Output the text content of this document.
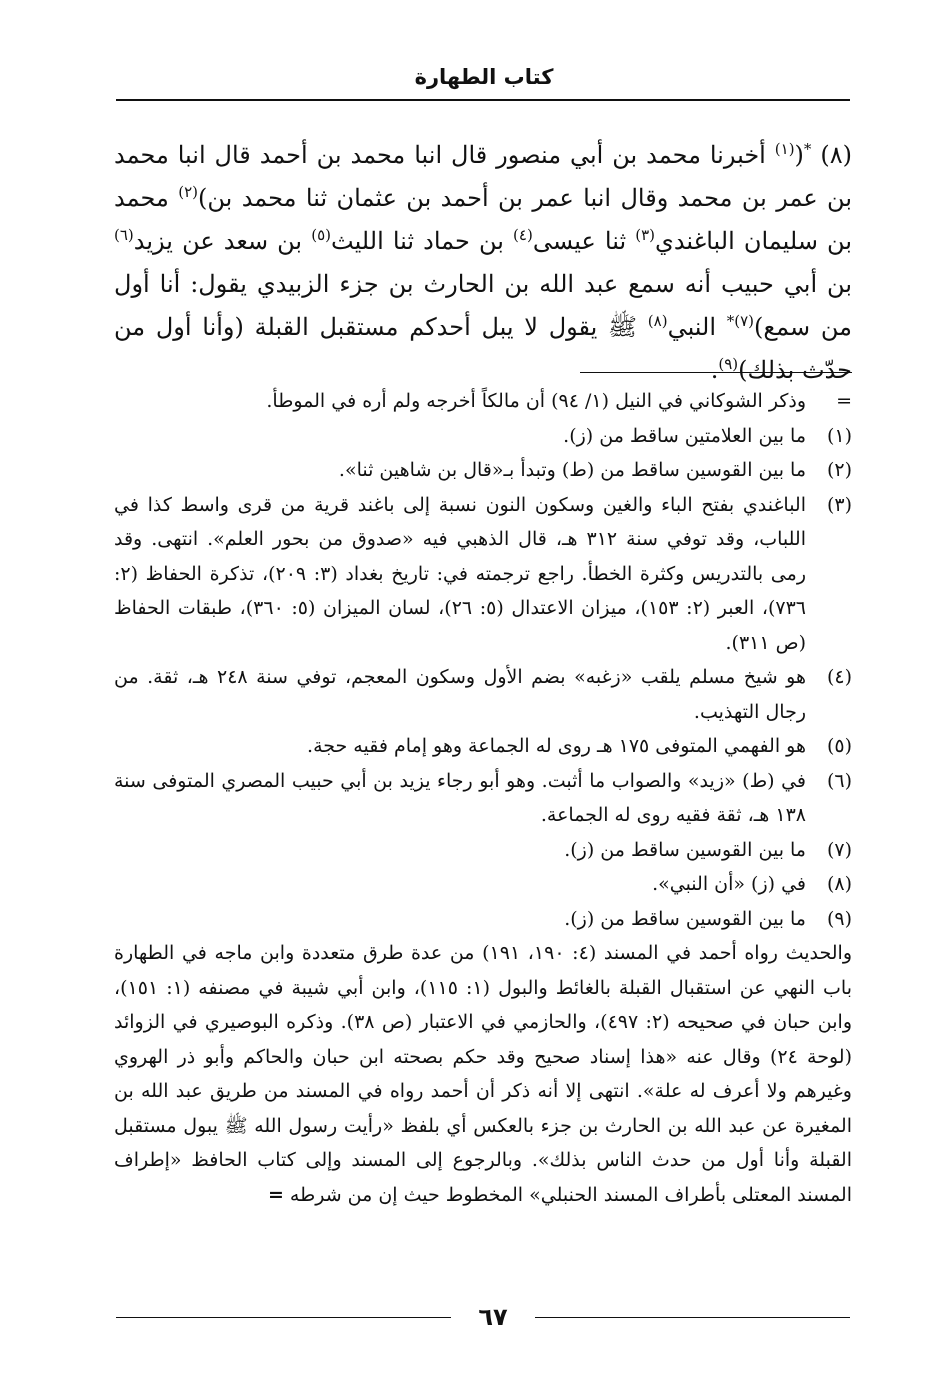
كتاب الطهارة
(٨) *($^{(١)}$ أخبرنا محمد بن أبي منصور قال انبا محمد بن أحمد قال انبا محمد بن عمر بن محمد وقال انبا عمر بن أحمد بن عثمان ثنا محمد بن)$^{(٢)}$ محمد بن سليمان الباغندي$^{(٣)}$ ثنا عيسى$^{(٤)}$ بن حماد ثنا الليث$^{(٥)}$ بن سعد عن يزيد$^{(٦)}$ بن أبي حبيب أنه سمع عبد الله بن الحارث بن جزء الزبيدي يقول: أنا أول من سمع)$^{(٧)*}$ النبي$^{(٨)}$ ﷺ يقول لا يبل أحدكم مستقبل القبلة (وأنا أول من حدّث بذلك)$^{(٩)}$.
=
وذكر الشوكاني في النيل (١/ ٩٤) أن مالكاً أخرجه ولم أره في الموطأ.
(١)
ما بين العلامتين ساقط من (ز).
(٢)
ما بين القوسين ساقط من (ط) وتبدأ بـ«قال بن شاهين ثنا».
(٣)
الباغندي بفتح الباء والغين وسكون النون نسبة إلى باغند قرية من قرى واسط كذا في اللباب، وقد توفي سنة ٣١٢ هـ، قال الذهبي فيه «صدوق من بحور العلم». انتهى. وقد رمى بالتدريس وكثرة الخطأ. راجع ترجمته في: تاريخ بغداد (٣: ٢٠٩)، تذكرة الحفاظ (٢: ٧٣٦)، العبر (٢: ١٥٣)، ميزان الاعتدال (٥: ٢٦)، لسان الميزان (٥: ٣٦٠)، طبقات الحفاظ (ص ٣١١).
(٤)
هو شيخ مسلم يلقب «زغبه» بضم الأول وسكون المعجم، توفي سنة ٢٤٨ هـ، ثقة. من رجال التهذيب.
(٥)
هو الفهمي المتوفى ١٧٥ هـ روى له الجماعة وهو إمام فقيه حجة.
(٦)
في (ط) «زيد» والصواب ما أثبت. وهو أبو رجاء يزيد بن أبي حبيب المصري المتوفى سنة ١٣٨ هـ، ثقة فقيه روى له الجماعة.
(٧)
ما بين القوسين ساقط من (ز).
(٨)
في (ز) «أن النبي».
(٩)
ما بين القوسين ساقط من (ز).
والحديث رواه أحمد في المسند (٤: ١٩٠، ١٩١) من عدة طرق متعددة وابن ماجه في الطهارة باب النهي عن استقبال القبلة بالغائط والبول (١: ١١٥)، وابن أبي شيبة في مصنفه (١: ١٥١)، وابن حبان في صحيحه (٢: ٤٩٧)، والحازمي في الاعتبار (ص ٣٨). وذكره البوصيري في الزوائد (لوحة ٢٤) وقال عنه «هذا إسناد صحيح وقد حكم بصحته ابن حبان والحاكم وأبو ذر الهروي وغيرهم ولا أعرف له علة». انتهى إلا أنه ذكر أن أحمد رواه في المسند من طريق عبد الله بن المغيرة عن عبد الله بن الحارث بن جزء بالعكس أي بلفظ «رأيت رسول الله ﷺ يبول مستقبل القبلة وأنا أول من حدث الناس بذلك». وبالرجوع إلى المسند وإلى كتاب الحافظ «إطراف المسند المعتلى بأطراف المسند الحنبلي» المخطوط حيث إن من شرطه =
٦٧
